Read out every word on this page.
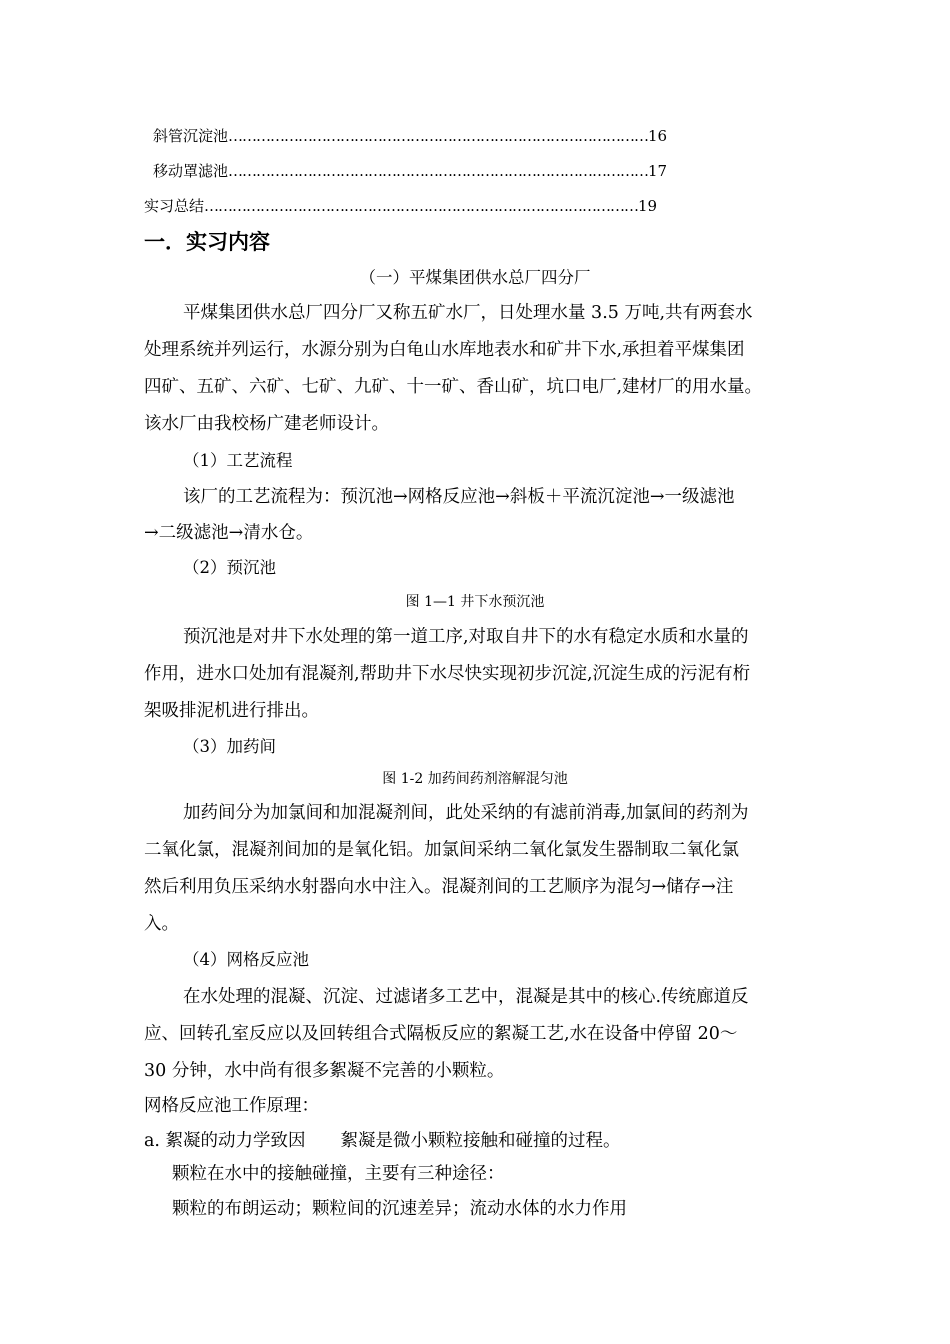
斜管沉淀池………………………………………………………………………………16
移动罩滤池………………………………………………………………………………17
实习总结…………………………………………………………………………………19
一．实习内容
（一）平煤集团供水总厂四分厂
平煤集团供水总厂四分厂又称五矿水厂，日处理水量 3.5 万吨,共有两套水
处理系统并列运行，水源分别为白龟山水库地表水和矿井下水,承担着平煤集团
四矿、五矿、六矿、七矿、九矿、十一矿、香山矿，坑口电厂,建材厂的用水量。
该水厂由我校杨广建老师设计。
（1）工艺流程
该厂的工艺流程为：预沉池→网格反应池→斜板＋平流沉淀池→一级滤池
→二级滤池→清水仓。
（2）预沉池
图 1—1 井下水预沉池
预沉池是对井下水处理的第一道工序,对取自井下的水有稳定水质和水量的
作用，进水口处加有混凝剂,帮助井下水尽快实现初步沉淀,沉淀生成的污泥有桁
架吸排泥机进行排出。
（3）加药间
图 1-2 加药间药剂溶解混匀池
加药间分为加氯间和加混凝剂间，此处采纳的有滤前消毒,加氯间的药剂为
二氧化氯，混凝剂间加的是氧化铝。加氯间采纳二氧化氯发生器制取二氧化氯
然后利用负压采纳水射器向水中注入。混凝剂间的工艺顺序为混匀→储存→注
入。
（4）网格反应池
在水处理的混凝、沉淀、过滤诸多工艺中，混凝是其中的核心.传统廊道反
应、回转孔室反应以及回转组合式隔板反应的絮凝工艺,水在设备中停留 20～
30 分钟，水中尚有很多絮凝不完善的小颗粒。
网格反应池工作原理：
a. 絮凝的动力学致因　　絮凝是微小颗粒接触和碰撞的过程。
颗粒在水中的接触碰撞，主要有三种途径：
颗粒的布朗运动；颗粒间的沉速差异；流动水体的水力作用
